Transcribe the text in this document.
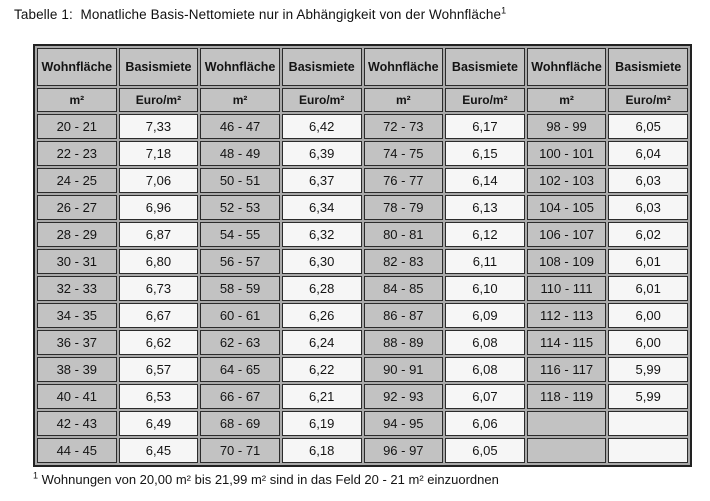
Tabelle 1:  Monatliche Basis-Nettomiete nur in Abhängigkeit von der Wohnfläche$^1$
Wohnfläche	Basismiete	Wohnfläche	Basismiete	Wohnfläche	Basismiete	Wohnfläche	Basismiete
m²	Euro/m²	m²	Euro/m²	m²	Euro/m²	m²	Euro/m²
20 - 21	7,33	46 - 47	6,42	72 - 73	6,17	98 - 99	6,05
22 - 23	7,18	48 - 49	6,39	74 - 75	6,15	100 - 101	6,04
24 - 25	7,06	50 - 51	6,37	76 - 77	6,14	102 - 103	6,03
26 - 27	6,96	52 - 53	6,34	78 - 79	6,13	104 - 105	6,03
28 - 29	6,87	54 - 55	6,32	80 - 81	6,12	106 - 107	6,02
30 - 31	6,80	56 - 57	6,30	82 - 83	6,11	108 - 109	6,01
32 - 33	6,73	58 - 59	6,28	84 - 85	6,10	110 - 111	6,01
34 - 35	6,67	60 - 61	6,26	86 - 87	6,09	112 - 113	6,00
36 - 37	6,62	62 - 63	6,24	88 - 89	6,08	114 - 115	6,00
38 - 39	6,57	64 - 65	6,22	90 - 91	6,08	116 - 117	5,99
40 - 41	6,53	66 - 67	6,21	92 - 93	6,07	118 - 119	5,99
42 - 43	6,49	68 - 69	6,19	94 - 95	6,06		
44 - 45	6,45	70 - 71	6,18	96 - 97	6,05		
$^1$ Wohnungen von 20,00 m² bis 21,99 m² sind in das Feld 20 - 21 m² einzuordnen
